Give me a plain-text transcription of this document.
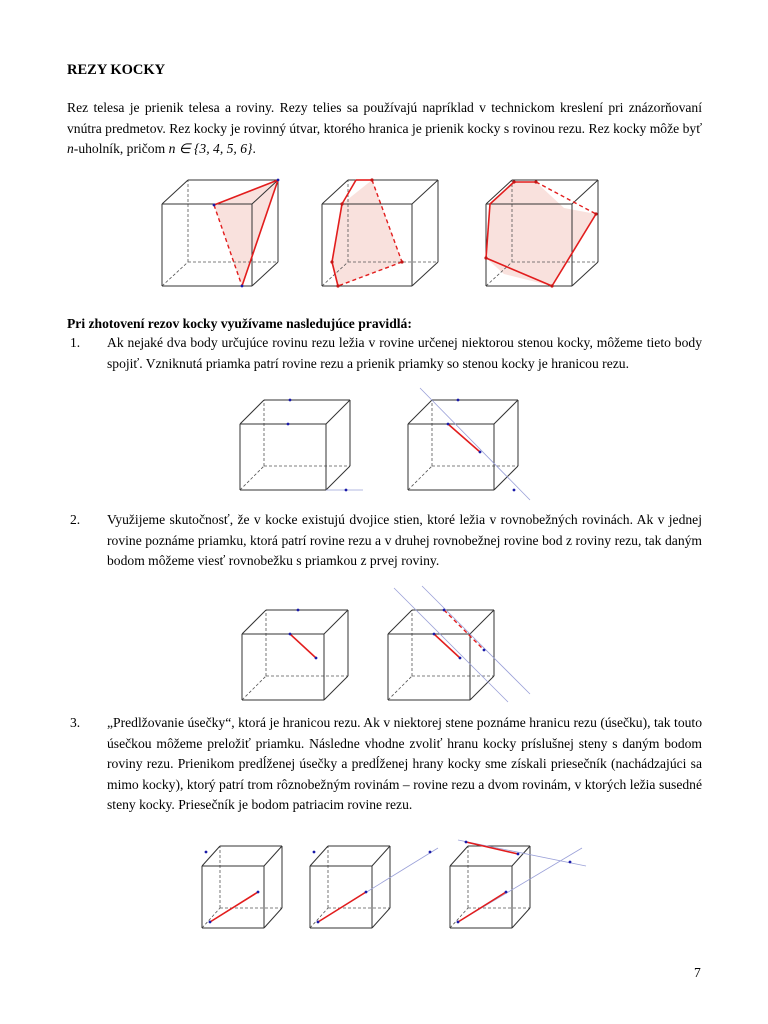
REZY KOCKY
Rez telesa je prienik telesa a roviny. Rezy telies sa používajú napríklad v technickom kreslení pri znázorňovaní vnútra predmetov. Rez kocky je rovinný útvar, ktorého hranica je prienik kocky s rovinou rezu. Rez kocky môže byť n-uholník, pričom n ∈ {3, 4, 5, 6}.
Pri zhotovení rezov kocky využívame nasledujúce pravidlá:
1. Ak nejaké dva body určujúce rovinu rezu ležia v rovine určenej niektorou stenou kocky, môžeme tieto body spojiť. Vzniknutá priamka patrí rovine rezu a prienik priamky so stenou kocky je hranicou rezu.
2. Využijeme skutočnosť, že v kocke existujú dvojice stien, ktoré ležia v rovnobežných rovinách. Ak v jednej rovine poznáme priamku, ktorá patrí rovine rezu a v druhej rovnobežnej rovine bod z roviny rezu, tak daným bodom môžeme viesť rovnobežku s priamkou z prvej roviny.
3. „Predlžovanie úsečky“, ktorá je hranicou rezu. Ak v niektorej stene poznáme hranicu rezu (úsečku), tak touto úsečkou môžeme preložiť priamku. Následne vhodne zvoliť hranu kocky príslušnej steny s daným bodom roviny rezu. Prienikom predĺženej úsečky a predĺženej hrany kocky sme získali priesečník (nachádzajúci sa mimo kocky), ktorý patrí trom rôznobežným rovinám – rovine rezu a dvom rovinám, v ktorých ležia susedné steny kocky. Priesečník je bodom patriacim rovine rezu.
7
